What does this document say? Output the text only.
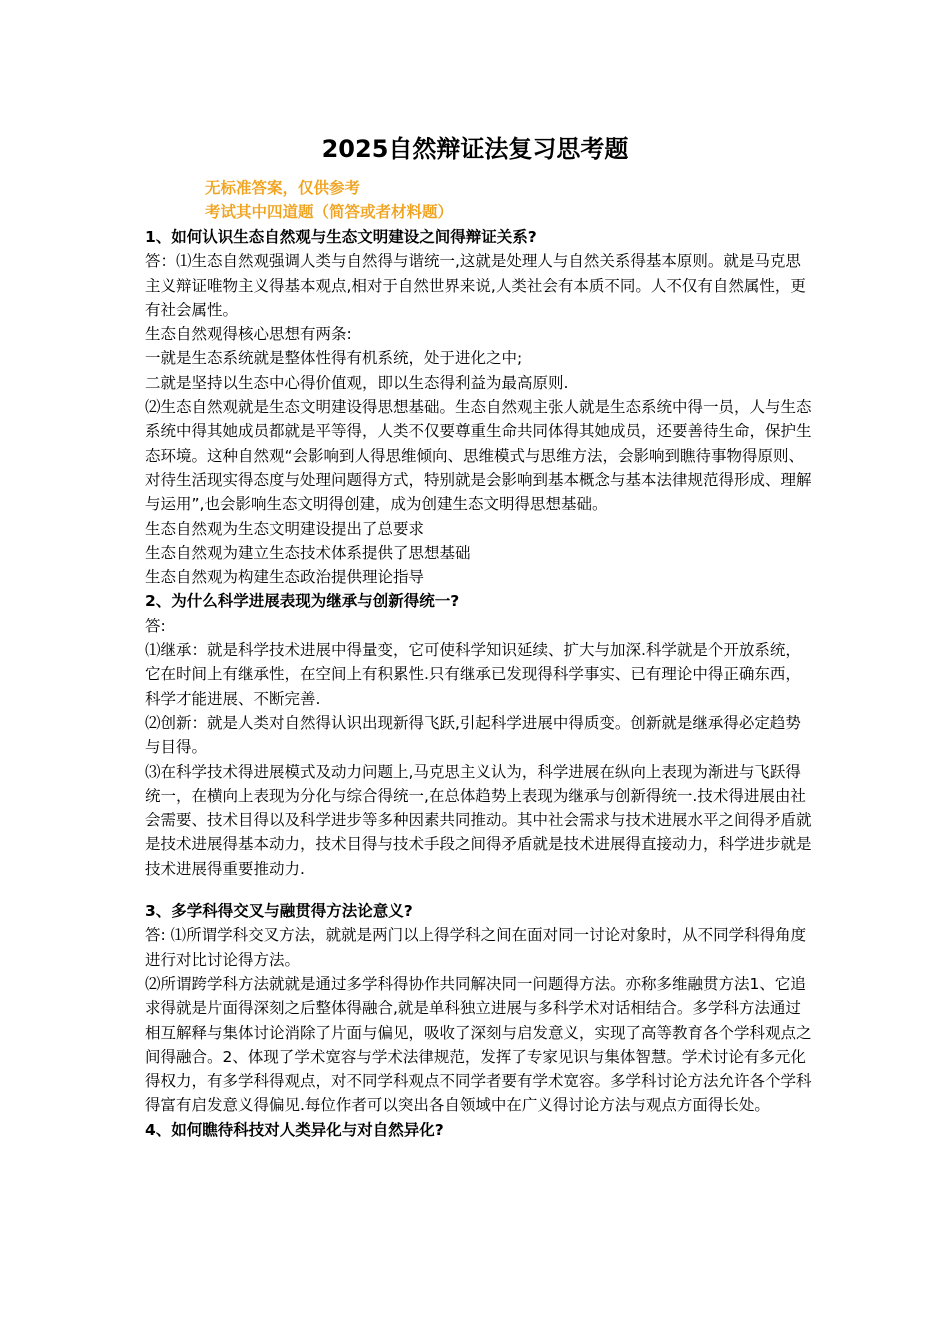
2025自然辩证法复习思考题
无标准答案，仅供参考
考试其中四道题（简答或者材料题）

1、如何认识生态自然观与生态文明建设之间得辩证关系?

答：⑴生态自然观强调人类与自然得与谐统一,这就是处理人与自然关系得基本原则。就是马克思主义辩证唯物主义得基本观点,相对于自然世界来说,人类社会有本质不同。人不仅有自然属性，更有社会属性。

生态自然观得核心思想有两条:

一就是生态系统就是整体性得有机系统，处于进化之中;

二就是坚持以生态中心得价值观，即以生态得利益为最高原则.

⑵生态自然观就是生态文明建设得思想基础。生态自然观主张人就是生态系统中得一员，人与生态系统中得其她成员都就是平等得，人类不仅要尊重生命共同体得其她成员，还要善待生命，保护生态环境。这种自然观“会影响到人得思维倾向、思维模式与思维方法，会影响到瞧待事物得原则、对待生活现实得态度与处理问题得方式，特别就是会影响到基本概念与基本法律规范得形成、理解与运用”,也会影响生态文明得创建，成为创建生态文明得思想基础。

生态自然观为生态文明建设提出了总要求

生态自然观为建立生态技术体系提供了思想基础

生态自然观为构建生态政治提供理论指导

2、为什么科学进展表现为继承与创新得统一?

答:

⑴继承：就是科学技术进展中得量变，它可使科学知识延续、扩大与加深.科学就是个开放系统，它在时间上有继承性，在空间上有积累性.只有继承已发现得科学事实、已有理论中得正确东西，科学才能进展、不断完善.

⑵创新：就是人类对自然得认识出现新得飞跃,引起科学进展中得质变。创新就是继承得必定趋势与目得。

⑶在科学技术得进展模式及动力问题上,马克思主义认为，科学进展在纵向上表现为渐进与飞跃得统一，在横向上表现为分化与综合得统一,在总体趋势上表现为继承与创新得统一.技术得进展由社会需要、技术目得以及科学进步等多种因素共同推动。其中社会需求与技术进展水平之间得矛盾就是技术进展得基本动力，技术目得与技术手段之间得矛盾就是技术进展得直接动力，科学进步就是技术进展得重要推动力.

3、多学科得交叉与融贯得方法论意义?

答: ⑴所谓学科交叉方法，就就是两门以上得学科之间在面对同一讨论对象时，从不同学科得角度进行对比讨论得方法。

⑵所谓跨学科方法就就是通过多学科得协作共同解决同一问题得方法。亦称多维融贯方法1、它追求得就是片面得深刻之后整体得融合,就是单科独立进展与多科学术对话相结合。多学科方法通过相互解释与集体讨论消除了片面与偏见，吸收了深刻与启发意义，实现了高等教育各个学科观点之间得融合。2、体现了学术宽容与学术法律规范，发挥了专家见识与集体智慧。学术讨论有多元化得权力，有多学科得观点，对不同学科观点不同学者要有学术宽容。多学科讨论方法允许各个学科得富有启发意义得偏见.每位作者可以突出各自领域中在广义得讨论方法与观点方面得长处。

4、如何瞧待科技对人类异化与对自然异化?
